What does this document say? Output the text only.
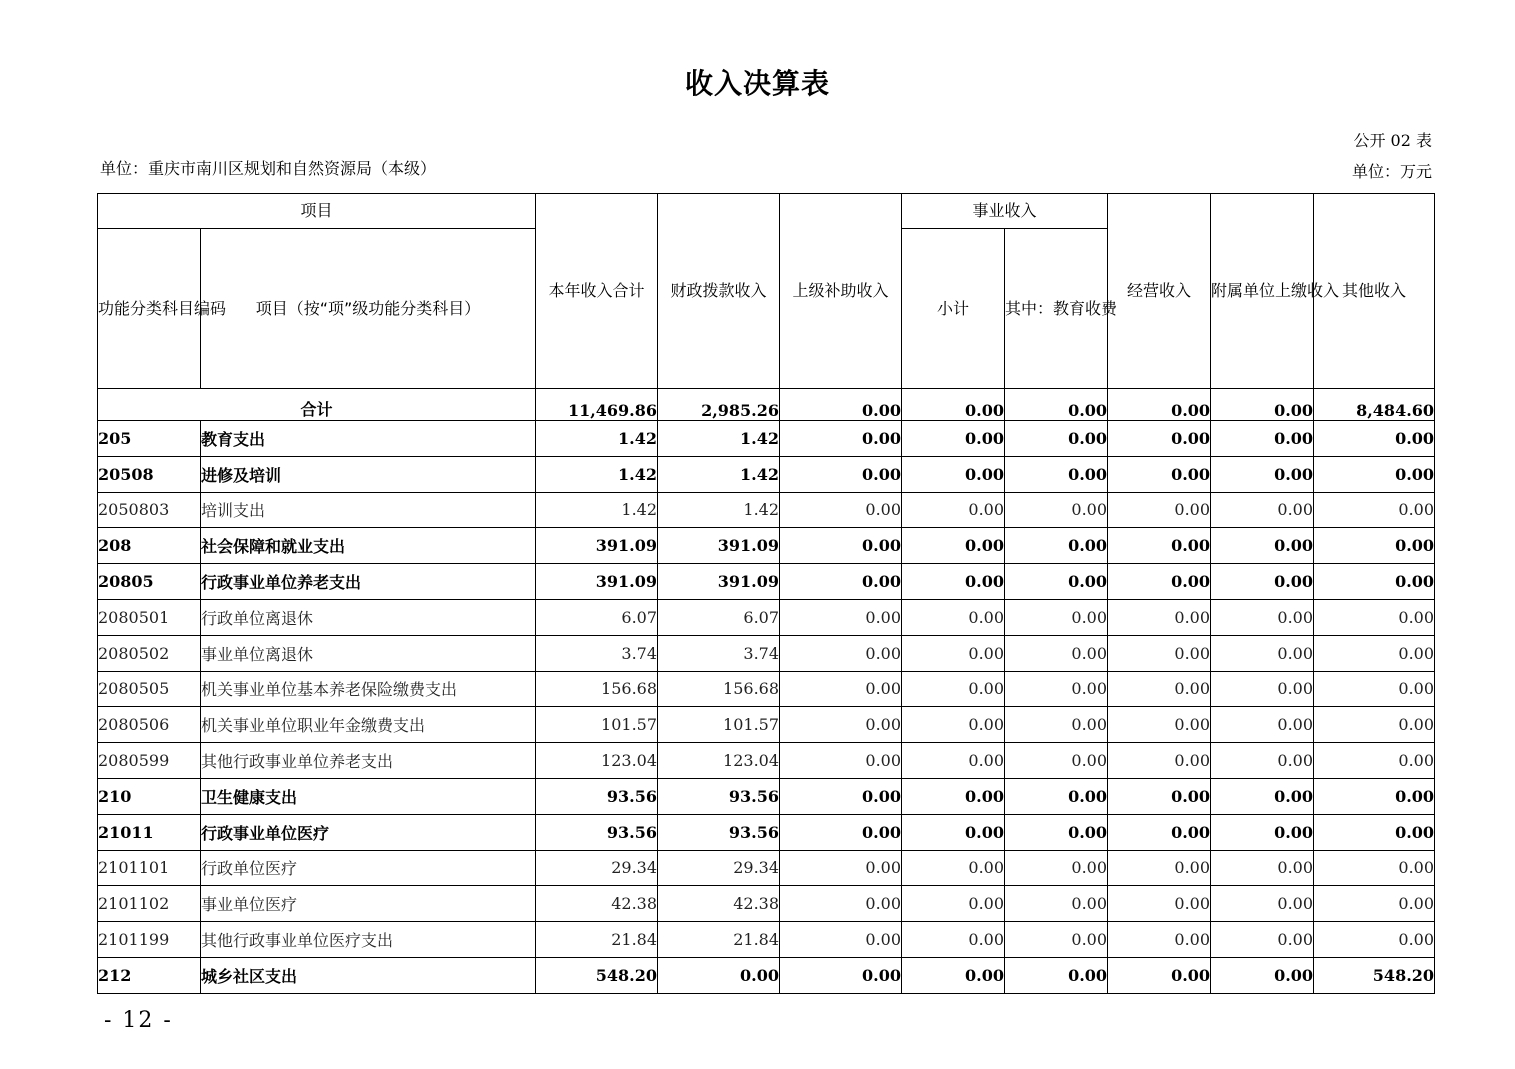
收入决算表
公开 02 表
单位：重庆市南川区规划和自然资源局（本级）	单位：万元
项目		本年收入合计	财政拨款收入	上级补助收入	事业收入		经营收入	附属单位上缴收入	其他收入
功能分类科目编码	项目（按“项”级功能分类科目）				小计	其中：教育收费			
合计		11,469.86	2,985.26	0.00	0.00	0.00	0.00	0.00	8,484.60
205	教育支出	1.42	1.42	0.00	0.00	0.00	0.00	0.00	0.00
20508	进修及培训	1.42	1.42	0.00	0.00	0.00	0.00	0.00	0.00
2050803	培训支出	1.42	1.42	0.00	0.00	0.00	0.00	0.00	0.00
208	社会保障和就业支出	391.09	391.09	0.00	0.00	0.00	0.00	0.00	0.00
20805	行政事业单位养老支出	391.09	391.09	0.00	0.00	0.00	0.00	0.00	0.00
2080501	行政单位离退休	6.07	6.07	0.00	0.00	0.00	0.00	0.00	0.00
2080502	事业单位离退休	3.74	3.74	0.00	0.00	0.00	0.00	0.00	0.00
2080505	机关事业单位基本养老保险缴费支出	156.68	156.68	0.00	0.00	0.00	0.00	0.00	0.00
2080506	机关事业单位职业年金缴费支出	101.57	101.57	0.00	0.00	0.00	0.00	0.00	0.00
2080599	其他行政事业单位养老支出	123.04	123.04	0.00	0.00	0.00	0.00	0.00	0.00
210	卫生健康支出	93.56	93.56	0.00	0.00	0.00	0.00	0.00	0.00
21011	行政事业单位医疗	93.56	93.56	0.00	0.00	0.00	0.00	0.00	0.00
2101101	行政单位医疗	29.34	29.34	0.00	0.00	0.00	0.00	0.00	0.00
2101102	事业单位医疗	42.38	42.38	0.00	0.00	0.00	0.00	0.00	0.00
2101199	其他行政事业单位医疗支出	21.84	21.84	0.00	0.00	0.00	0.00	0.00	0.00
212	城乡社区支出	548.20	0.00	0.00	0.00	0.00	0.00	0.00	548.20
- 12 -
